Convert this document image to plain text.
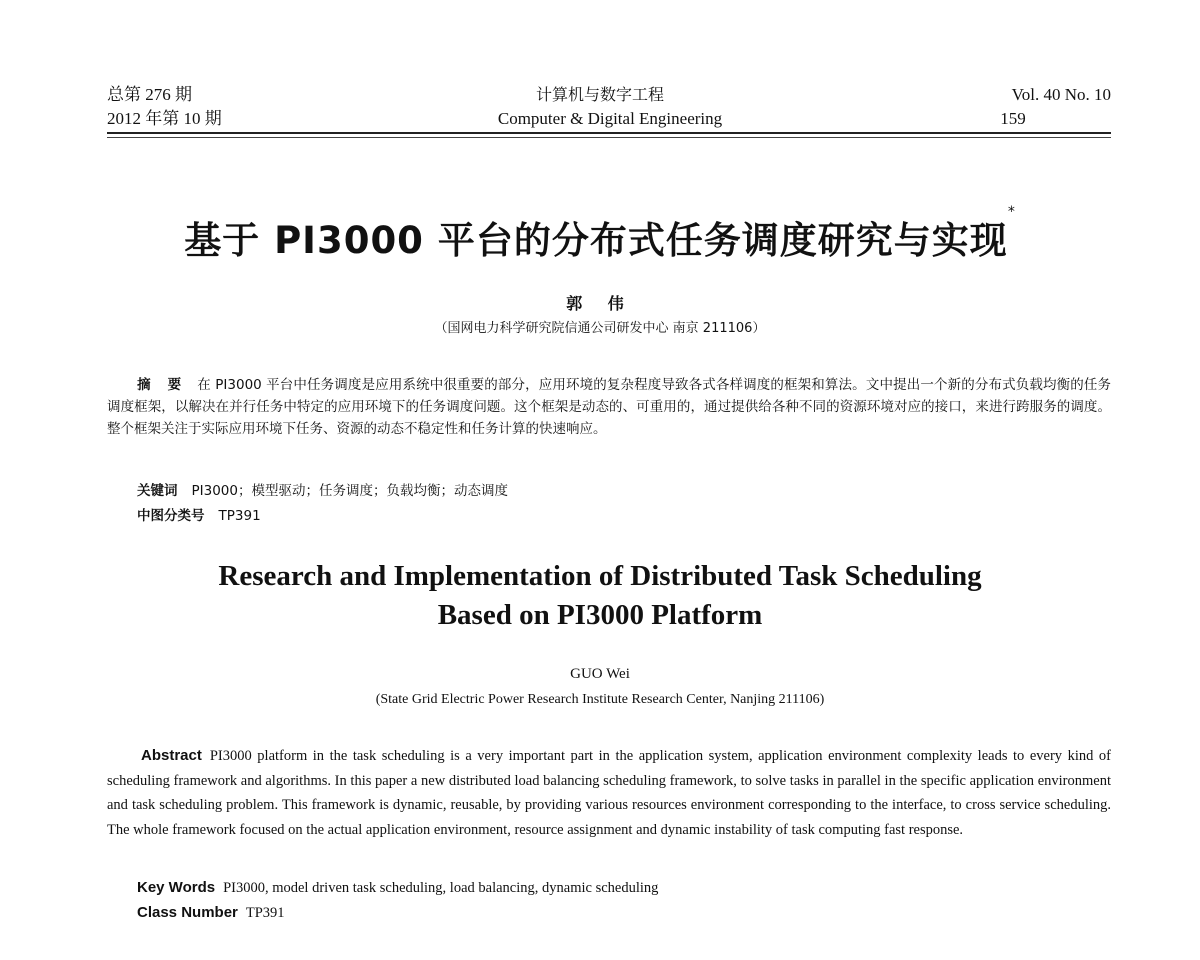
总第 276 期
2012 年第 10 期
计算机与数字工程
Computer & Digital Engineering
Vol. 40 No. 10
159
基于 PI3000 平台的分布式任务调度研究与实现*
郭 伟
（国网电力科学研究院信通公司研发中心 南京 211106）
摘 要 在 PI3000 平台中任务调度是应用系统中很重要的部分，应用环境的复杂程度导致各式各样调度的框架和算法。文中提出一个新的分布式负载均衡的任务调度框架，以解决在并行任务中特定的应用环境下的任务调度问题。这个框架是动态的、可重用的，通过提供给各种不同的资源环境对应的接口，来进行跨服务的调度。整个框架关注于实际应用环境下任务、资源的动态不稳定性和任务计算的快速响应。
关键词 PI3000；模型驱动；任务调度；负载均衡；动态调度
中图分类号 TP391
Research and Implementation of Distributed Task Scheduling
Based on PI3000 Platform
GUO Wei
(State Grid Electric Power Research Institute Research Center, Nanjing 211106)
Abstract PI3000 platform in the task scheduling is a very important part in the application system, application environment complexity leads to every kind of scheduling framework and algorithms. In this paper a new distributed load balancing scheduling framework, to solve tasks in parallel in the specific application environment and task scheduling problem. This framework is dynamic, reusable, by providing various resources environment corresponding to the interface, to cross service scheduling. The whole framework focused on the actual application environment, resource assignment and dynamic instability of task computing fast response.
Key Words PI3000, model driven task scheduling, load balancing, dynamic scheduling
Class Number TP391
